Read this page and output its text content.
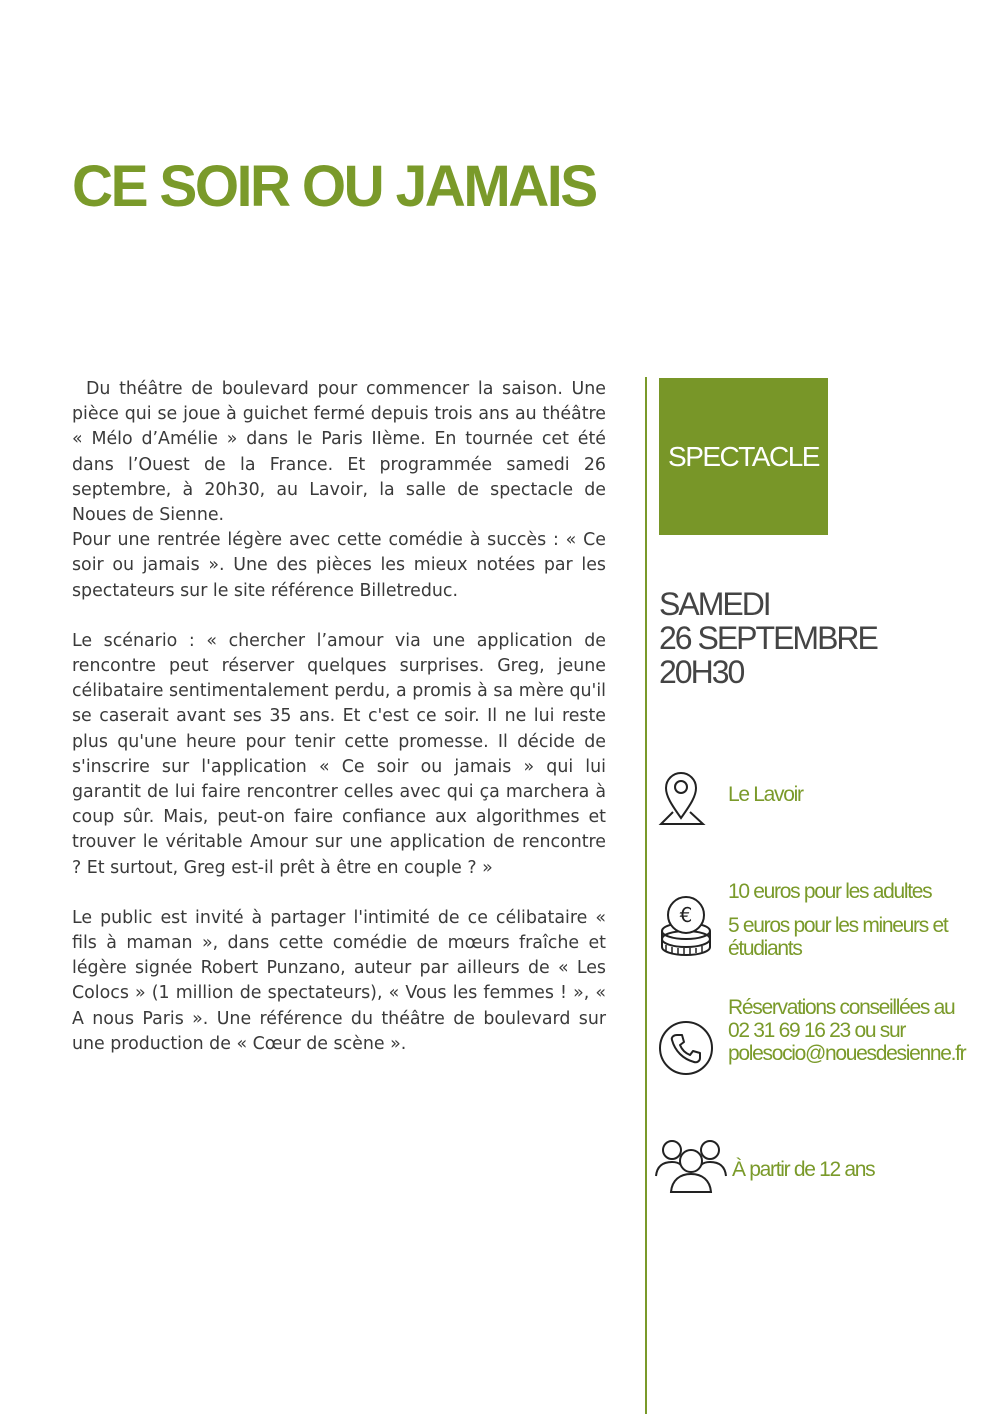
CE SOIR OU JAMAIS

Du théâtre de boulevard pour commencer la saison. Une pièce qui se joue à guichet fermé depuis trois ans au théâtre « Mélo d’Amélie » dans le Paris IIème. En tournée cet été dans l’Ouest de la France. Et programmée samedi 26 septembre, à 20h30, au Lavoir, la salle de spectacle de Noues de Sienne.

Pour une rentrée légère avec cette comédie à succès : « Ce soir ou jamais ». Une des pièces les mieux notées par les spectateurs sur le site référence Billetreduc.

Le scénario : « chercher l’amour via une application de rencontre peut réserver quelques surprises. Greg, jeune célibataire sentimentalement perdu, a promis à sa mère qu'il se caserait avant ses 35 ans. Et c'est ce soir. Il ne lui reste plus qu'une heure pour tenir cette promesse. Il décide de s'inscrire sur l'application « Ce soir ou jamais » qui lui garantit de lui faire rencontrer celles avec qui ça marchera à coup sûr. Mais, peut-on faire confiance aux algorithmes et trouver le véritable Amour sur une application de rencontre ? Et surtout, Greg est-il prêt à être en couple ? »

Le public est invité à partager l'intimité de ce célibataire « fils à maman », dans cette comédie de mœurs fraîche et légère signée Robert Punzano, auteur par ailleurs de « Les Colocs » (1 million de spectateurs), « Vous les femmes ! », « A nous Paris ». Une référence du théâtre de boulevard sur une production de « Cœur de scène ».

SPECTACLE
SAMEDI
26 SEPTEMBRE
20H30
Le Lavoir
€
10 euros pour les adultes
5 euros pour les mineurs et
étudiants
Réservations conseillées au
02 31 69 16 23 ou sur
polesocio@nouesdesienne.fr
À partir de 12 ans
